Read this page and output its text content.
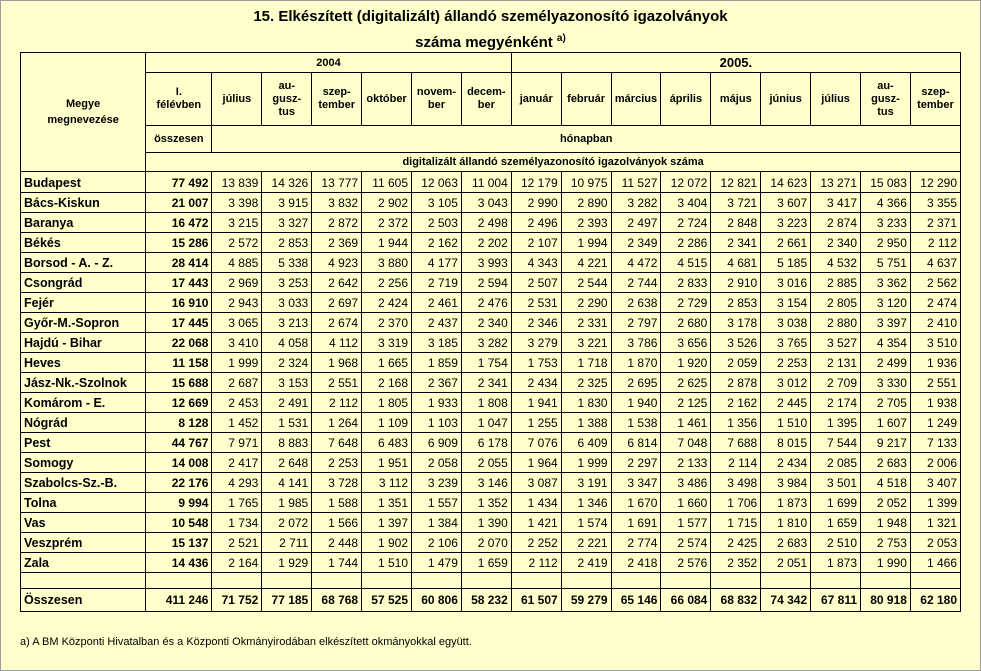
15. Elkészített (digitalizált) állandó személyazonosító igazolványok
száma megyénként $^{a)}$
Megye
megnevezése	2004							2005.								
	I.
félévben	július	au-
gusz-
tus	szep-
tember	október	novem-
ber	decem-
ber	január	február	március	április	május	június	július	au-
gusz-
tus	szep-
tember
	összesen	hónapban														
	digitalizált állandó személyazonosító igazolványok száma															
Budapest	77 492	13 839	14 326	13 777	11 605	12 063	11 004	12 179	10 975	11 527	12 072	12 821	14 623	13 271	15 083	12 290
Bács-Kiskun	21 007	3 398	3 915	3 832	2 902	3 105	3 043	2 990	2 890	3 282	3 404	3 721	3 607	3 417	4 366	3 355
Baranya	16 472	3 215	3 327	2 872	2 372	2 503	2 498	2 496	2 393	2 497	2 724	2 848	3 223	2 874	3 233	2 371
Békés	15 286	2 572	2 853	2 369	1 944	2 162	2 202	2 107	1 994	2 349	2 286	2 341	2 661	2 340	2 950	2 112
Borsod - A. - Z.	28 414	4 885	5 338	4 923	3 880	4 177	3 993	4 343	4 221	4 472	4 515	4 681	5 185	4 532	5 751	4 637
Csongrád	17 443	2 969	3 253	2 642	2 256	2 719	2 594	2 507	2 544	2 744	2 833	2 910	3 016	2 885	3 362	2 562
Fejér	16 910	2 943	3 033	2 697	2 424	2 461	2 476	2 531	2 290	2 638	2 729	2 853	3 154	2 805	3 120	2 474
Győr-M.-Sopron	17 445	3 065	3 213	2 674	2 370	2 437	2 340	2 346	2 331	2 797	2 680	3 178	3 038	2 880	3 397	2 410
Hajdú - Bihar	22 068	3 410	4 058	4 112	3 319	3 185	3 282	3 279	3 221	3 786	3 656	3 526	3 765	3 527	4 354	3 510
Heves	11 158	1 999	2 324	1 968	1 665	1 859	1 754	1 753	1 718	1 870	1 920	2 059	2 253	2 131	2 499	1 936
Jász-Nk.-Szolnok	15 688	2 687	3 153	2 551	2 168	2 367	2 341	2 434	2 325	2 695	2 625	2 878	3 012	2 709	3 330	2 551
Komárom - E.	12 669	2 453	2 491	2 112	1 805	1 933	1 808	1 941	1 830	1 940	2 125	2 162	2 445	2 174	2 705	1 938
Nógrád	8 128	1 452	1 531	1 264	1 109	1 103	1 047	1 255	1 388	1 538	1 461	1 356	1 510	1 395	1 607	1 249
Pest	44 767	7 971	8 883	7 648	6 483	6 909	6 178	7 076	6 409	6 814	7 048	7 688	8 015	7 544	9 217	7 133
Somogy	14 008	2 417	2 648	2 253	1 951	2 058	2 055	1 964	1 999	2 297	2 133	2 114	2 434	2 085	2 683	2 006
Szabolcs-Sz.-B.	22 176	4 293	4 141	3 728	3 112	3 239	3 146	3 087	3 191	3 347	3 486	3 498	3 984	3 501	4 518	3 407
Tolna	9 994	1 765	1 985	1 588	1 351	1 557	1 352	1 434	1 346	1 670	1 660	1 706	1 873	1 699	2 052	1 399
Vas	10 548	1 734	2 072	1 566	1 397	1 384	1 390	1 421	1 574	1 691	1 577	1 715	1 810	1 659	1 948	1 321
Veszprém	15 137	2 521	2 711	2 448	1 902	2 106	2 070	2 252	2 221	2 774	2 574	2 425	2 683	2 510	2 753	2 053
Zala	14 436	2 164	1 929	1 744	1 510	1 479	1 659	2 112	2 419	2 418	2 576	2 352	2 051	1 873	1 990	1 466

Összesen	411 246	71 752	77 185	68 768	57 525	60 806	58 232	61 507	59 279	65 146	66 084	68 832	74 342	67 811	80 918	62 180
a) A BM Központi Hivatalban és a Központi Okmányirodában elkészített okmányokkal együtt.
